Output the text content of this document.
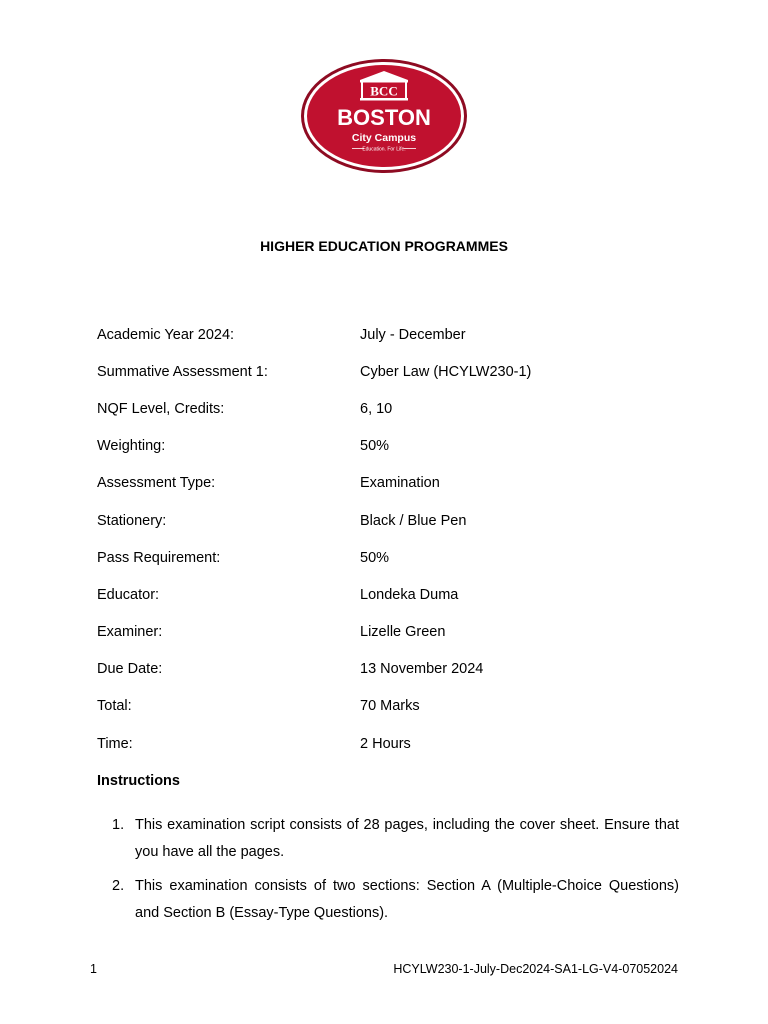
BCC
BOSTON
City Campus
Education. For Life.
HIGHER EDUCATION PROGRAMMES
Academic Year 2024:	July - December
Summative Assessment 1:	Cyber Law (HCYLW230-1)
NQF Level, Credits:	6, 10
Weighting:	50%
Assessment Type:	Examination
Stationery:	Black / Blue Pen
Pass Requirement:	50%
Educator:	Londeka Duma
Examiner:	Lizelle Green
Due Date:	13 November 2024
Total:	70 Marks
Time:	2 Hours
Instructions
1. This examination script consists of 28 pages, including the cover sheet. Ensure that you have all the pages.
2. This examination consists of two sections: Section A (Multiple-Choice Questions) and Section B (Essay-Type Questions).
1	HCYLW230-1-July-Dec2024-SA1-LG-V4-07052024
